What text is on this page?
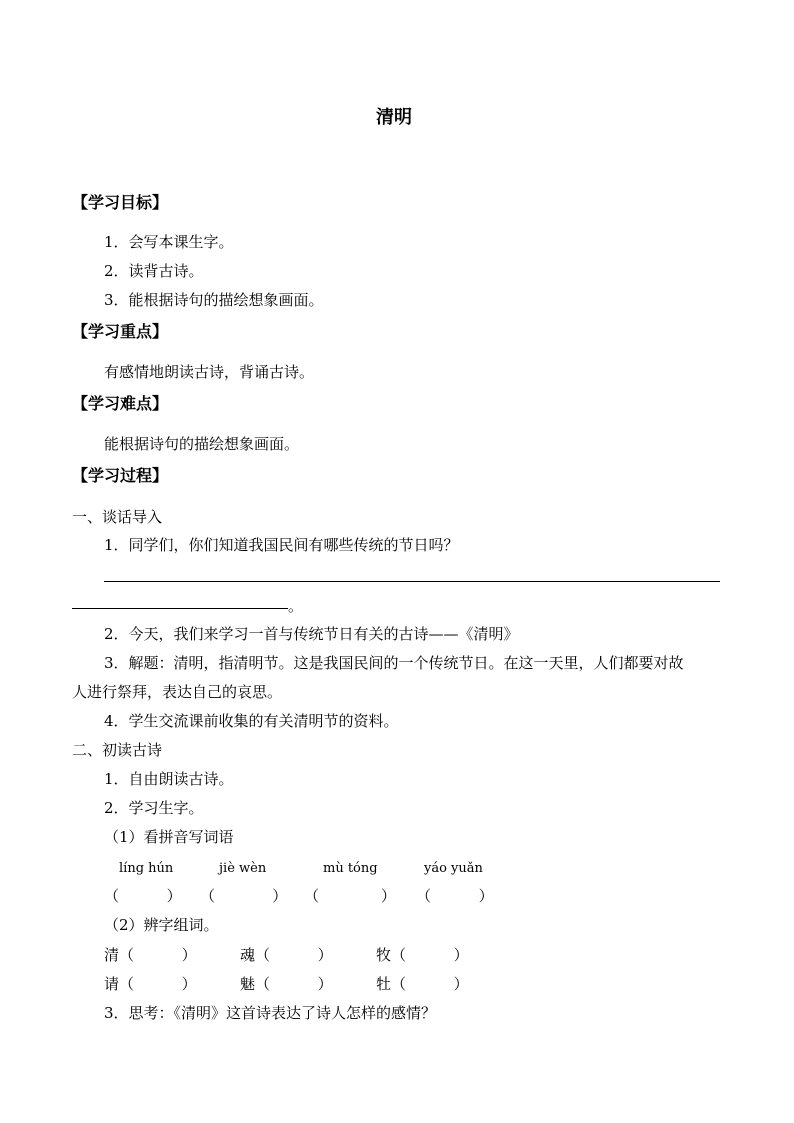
清明
【学习目标】
1．会写本课生字。
2．读背古诗。
3．能根据诗句的描绘想象画面。
【学习重点】
有感情地朗读古诗，背诵古诗。
【学习难点】
能根据诗句的描绘想象画面。
【学习过程】
一、谈话导入
1．同学们，你们知道我国民间有哪些传统的节日吗？
。
2．今天，我们来学习一首与传统节日有关的古诗——《清明》
3．解题：清明，指清明节。这是我国民间的一个传统节日。在这一天里，人们都要对故
人进行祭拜，表达自己的哀思。
4．学生交流课前收集的有关清明节的资料。
二、初读古诗
1．自由朗读古诗。
2．学习生字。
（1）看拼音写词语
líng hún	jiè wèn	mù tóng	yáo yuǎn
（          ） （            ） （             ） （          ）
（2）辨字组词。
清（          ）	魂（          ）	牧（          ）
请（          ）	魅（          ）	牡（          ）
3．思考：《清明》这首诗表达了诗人怎样的感情？
